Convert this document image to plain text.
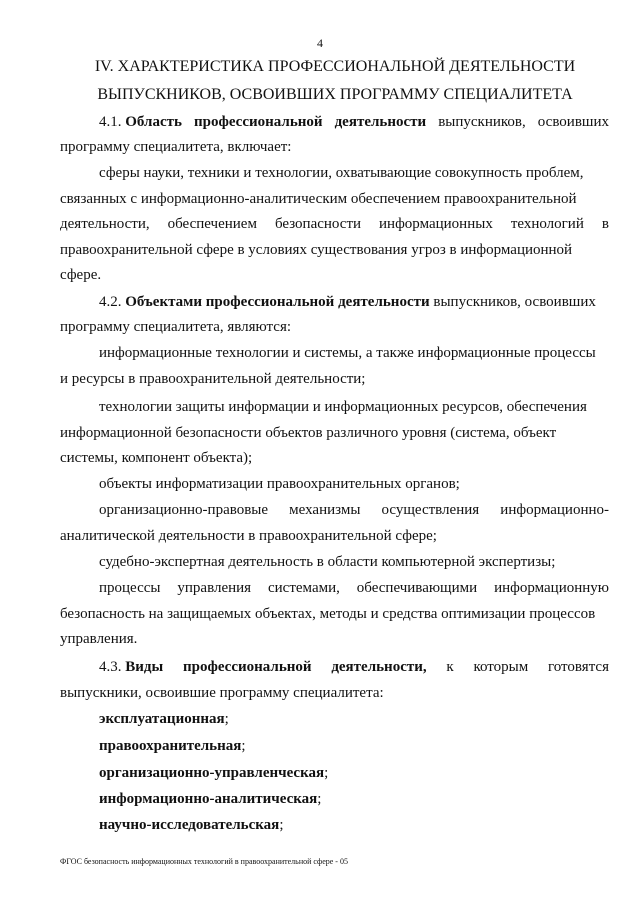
4
IV. ХАРАКТЕРИСТИКА ПРОФЕССИОНАЛЬНОЙ ДЕЯТЕЛЬНОСТИ
ВЫПУСКНИКОВ, ОСВОИВШИХ ПРОГРАММУ СПЕЦИАЛИТЕТА
4.1. Область профессиональной деятельности выпускников, освоивших
программу специалитета, включает:
сферы науки, техники и технологии, охватывающие совокупность проблем,
связанных с информационно-аналитическим обеспечением правоохранительной
деятельности, обеспечением безопасности информационных технологий в
правоохранительной сфере в условиях существования угроз в информационной
сфере.
4.2. Объектами профессиональной деятельности выпускников, освоивших
программу специалитета, являются:
информационные технологии и системы, а также информационные процессы
и ресурсы в правоохранительной деятельности;
технологии защиты информации и информационных ресурсов, обеспечения
информационной безопасности объектов различного уровня (система, объект
системы, компонент объекта);
объекты информатизации правоохранительных органов;
организационно-правовые механизмы осуществления информационно-
аналитической деятельности в правоохранительной сфере;
судебно-экспертная деятельность в области компьютерной экспертизы;
процессы управления системами, обеспечивающими информационную
безопасность на защищаемых объектах, методы и средства оптимизации процессов
управления.
4.3. Виды профессиональной деятельности, к которым готовятся
выпускники, освоившие программу специалитета:
эксплуатационная;
правоохранительная;
организационно-управленческая;
информационно-аналитическая;
научно-исследовательская;
ФГОС безопасность информационных технологий в правоохранительной сфере - 05
